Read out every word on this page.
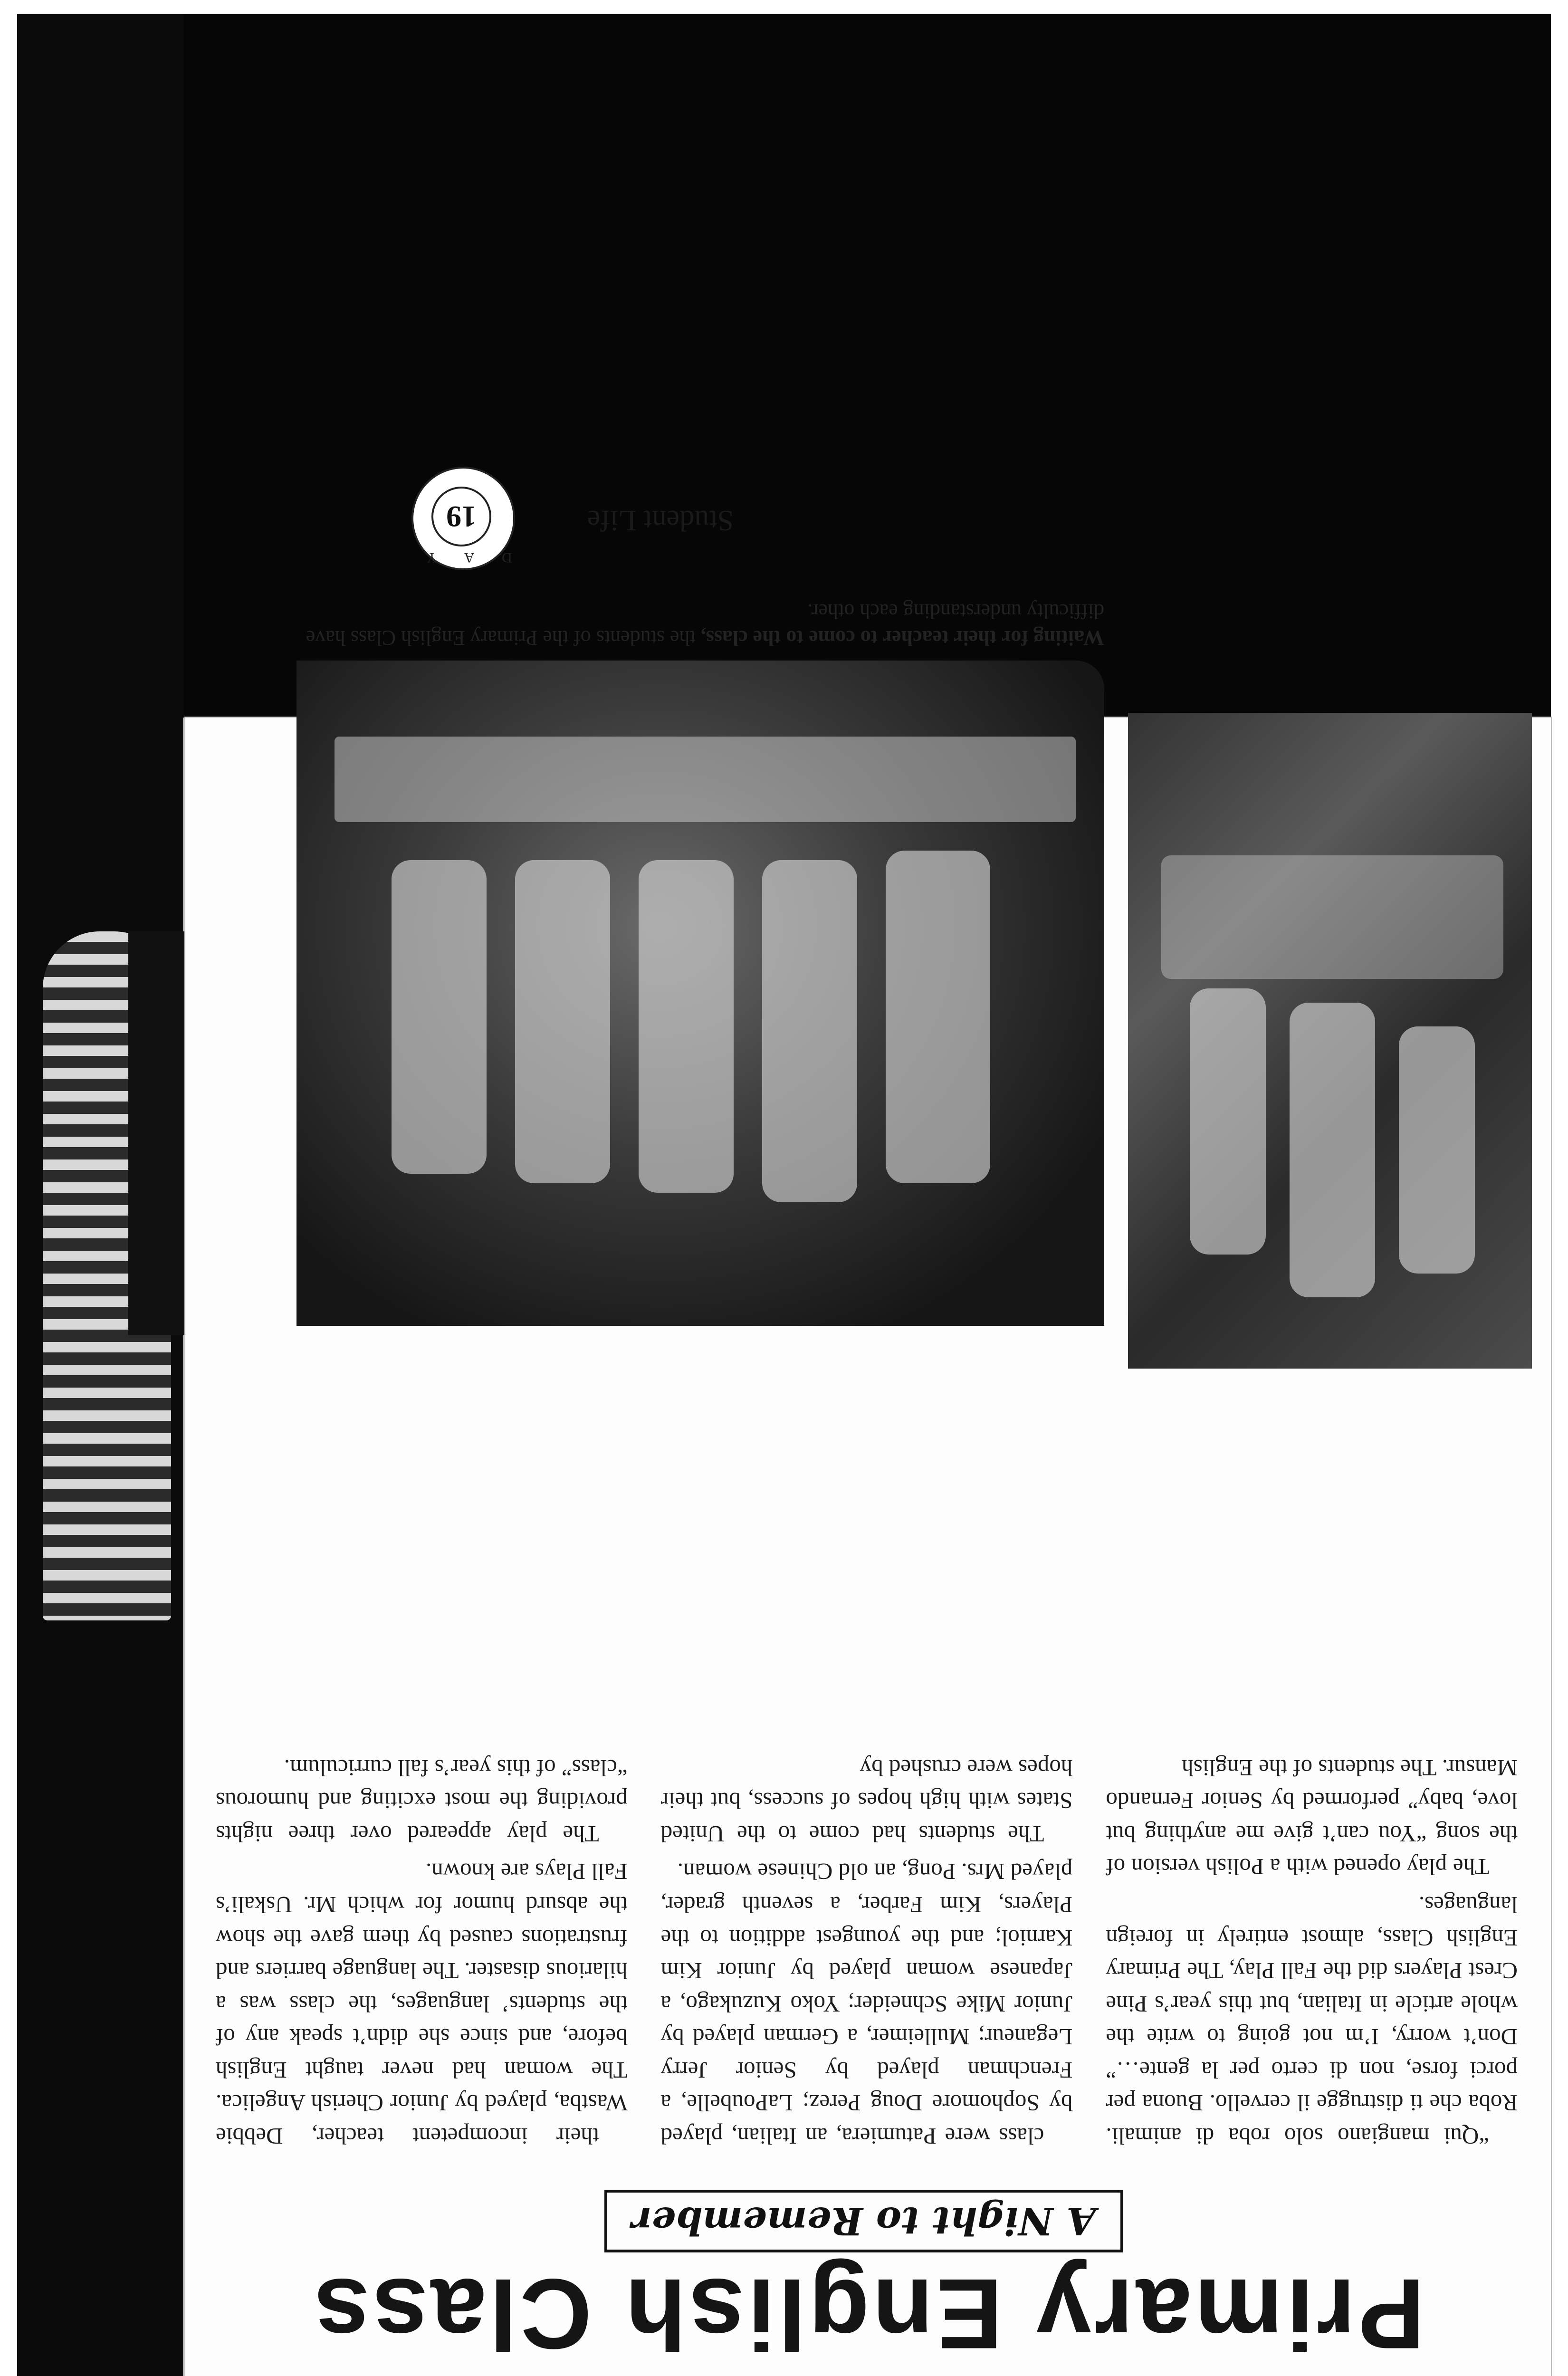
Primary English Class
A Night to Remember

“Qui mangiano solo roba di animali. Roba che ti distrugge il cervello. Buona per porci forse, non di certo per la gente…” Don’t worry, I’m not going to write the whole article in Italian, but this year’s Pine Crest Players did the Fall Play, The Primary English Class, almost entirely in foreign languages.

The play opened with a Polish version of the song “You can’t give me anything but love, baby” performed by Senior Fernando Mansur. The students of the English

class were Patumiera, an Italian, played by Sophomore Doug Perez; LaPoubelle, a Frenchman played by Senior Jerry Leganeur; Mulleimer, a German played by Junior Mike Schneider; Yoko Kuzukago, a Japanese woman played by Junior Kim Karniol; and the youngest addition to the Players, Kim Farber, a seventh grader, played Mrs. Pong, an old Chinese woman.

The students had come to the United States with high hopes of success, but their hopes were crushed by

their incompetent teacher, Debbie Wastba, played by Junior Cherish Angelica. The woman had never taught English before, and since she didn’t speak any of the students’ languages, the class was a hilarious disaster. The language barriers and frustrations caused by them gave the show the absurd humor for which Mr. Uskali’s Fall Plays are known.

The play appeared over three nights providing the most exciting and humorous “class” of this year’s fall curriculum.

Waiting for their teacher to come to the class, the students of the Primary English Class have difficulty understanding each other.
Student Life
D A Y
19
